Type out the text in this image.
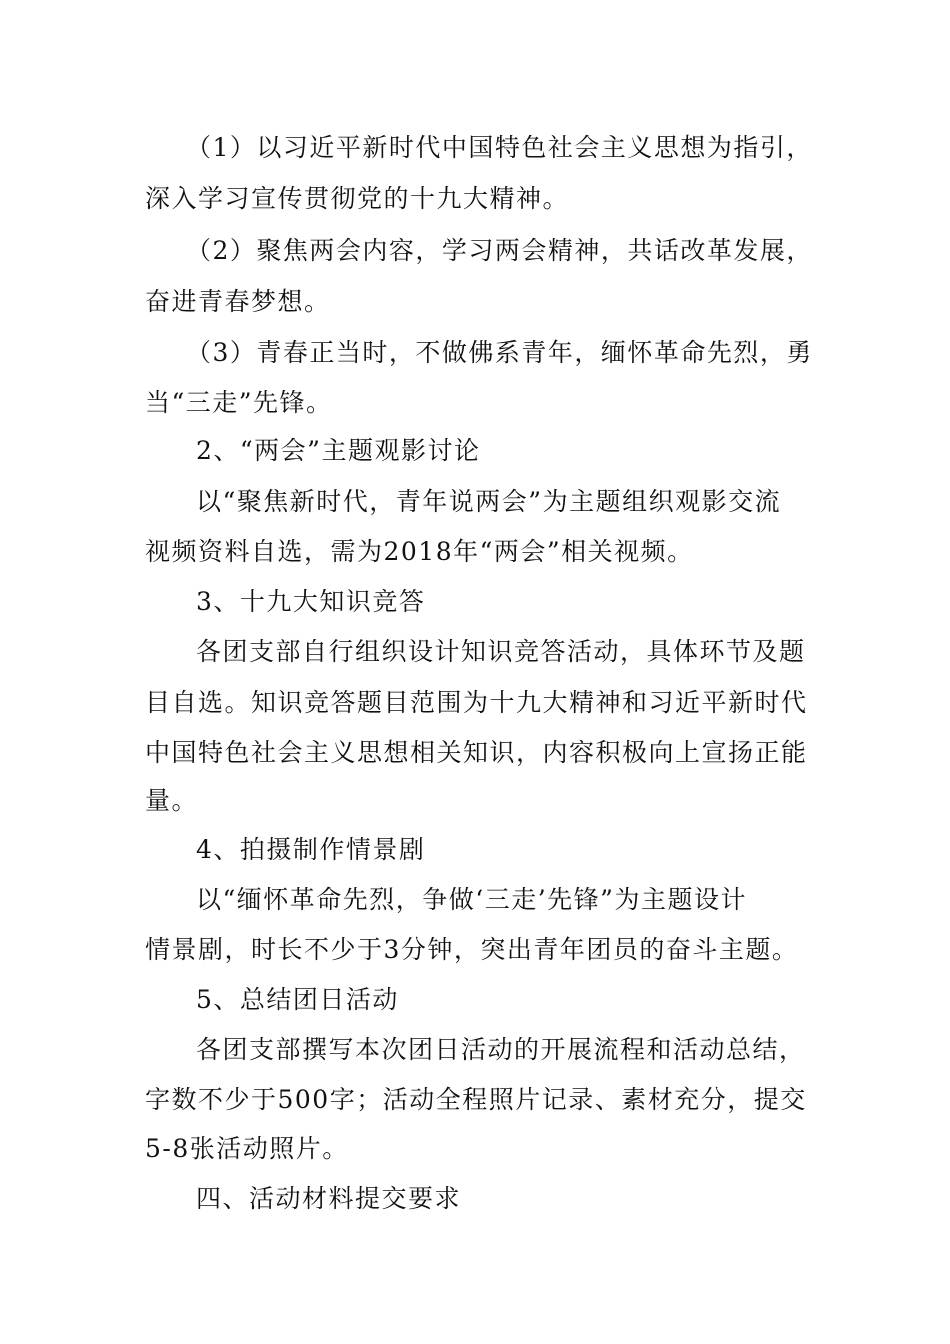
（1）以习近平新时代中国特色社会主义思想为指引，
深入学习宣传贯彻党的十九大精神。
（2）聚焦两会内容，学习两会精神，共话改革发展，
奋进青春梦想。
（3）青春正当时，不做佛系青年，缅怀革命先烈，勇
当“三走”先锋。
2、“两会”主题观影讨论
以“聚焦新时代，青年说两会”为主题组织观影交流
视频资料自选，需为2018年“两会”相关视频。
3、十九大知识竞答
各团支部自行组织设计知识竞答活动，具体环节及题
目自选。知识竞答题目范围为十九大精神和习近平新时代
中国特色社会主义思想相关知识，内容积极向上宣扬正能
量。
4、拍摄制作情景剧
以“缅怀革命先烈，争做‘三走’先锋”为主题设计
情景剧，时长不少于3分钟，突出青年团员的奋斗主题。
5、总结团日活动
各团支部撰写本次团日活动的开展流程和活动总结，
字数不少于500字；活动全程照片记录、素材充分，提交
5-8张活动照片。
四、活动材料提交要求
